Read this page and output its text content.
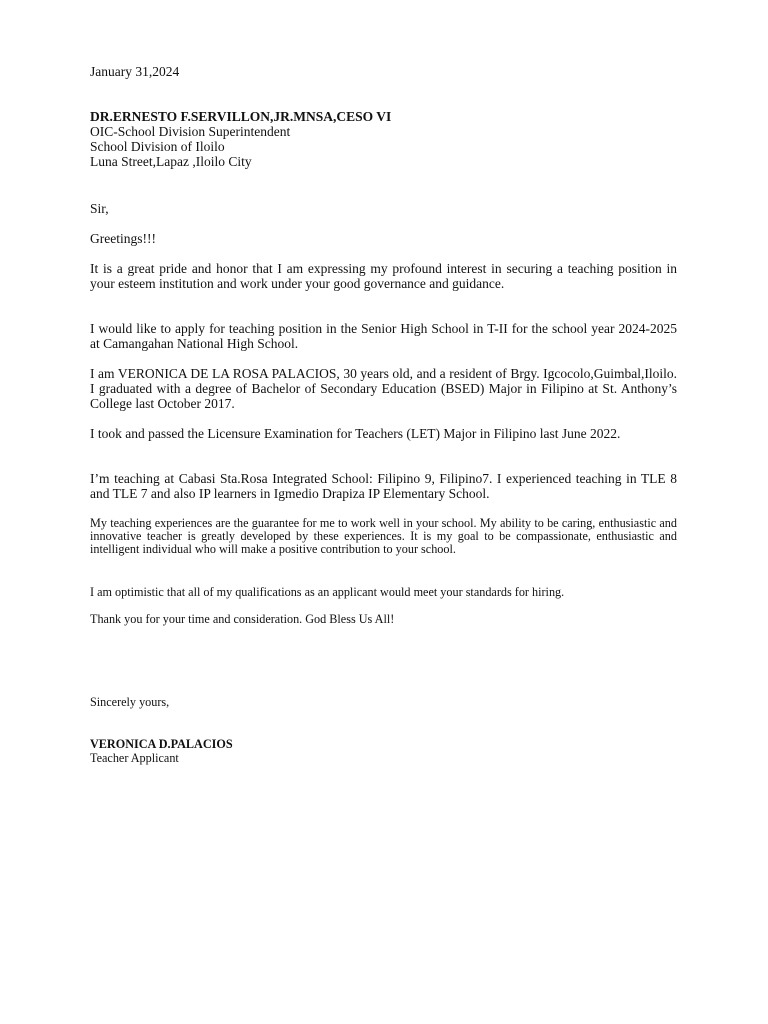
January 31,2024
DR.ERNESTO F.SERVILLON,JR.MNSA,CESO VI
OIC-School Division Superintendent
School Division of Iloilo
Luna Street,Lapaz ,Iloilo City
Sir,
Greetings!!!
It is a great pride and honor that I am expressing my profound interest in securing a teaching position in your esteem institution and work under your good governance and guidance.
I would like to apply for teaching position in the Senior High School in T-II for the school year 2024-2025 at Camangahan National High School.
I am VERONICA DE LA ROSA PALACIOS, 30 years old, and a resident of Brgy. Igcocolo,Guimbal,Iloilo. I graduated with a degree of Bachelor of Secondary Education (BSED) Major in Filipino at St. Anthony’s College last October 2017.
I took and passed the Licensure Examination for Teachers (LET) Major in Filipino last June 2022.
I’m teaching at Cabasi Sta.Rosa Integrated School: Filipino 9, Filipino7. I experienced teaching in TLE 8 and TLE 7 and also IP learners in Igmedio Drapiza IP Elementary School.
My teaching experiences are the guarantee for me to work well in your school. My ability to be caring, enthusiastic and innovative teacher is greatly developed by these experiences. It is my goal to be compassionate, enthusiastic and intelligent individual who will make a positive contribution to your school.
I am optimistic that all of my qualifications as an applicant would meet your standards for hiring.
Thank you for your time and consideration. God Bless Us All!
Sincerely yours,
VERONICA D.PALACIOS
Teacher Applicant
